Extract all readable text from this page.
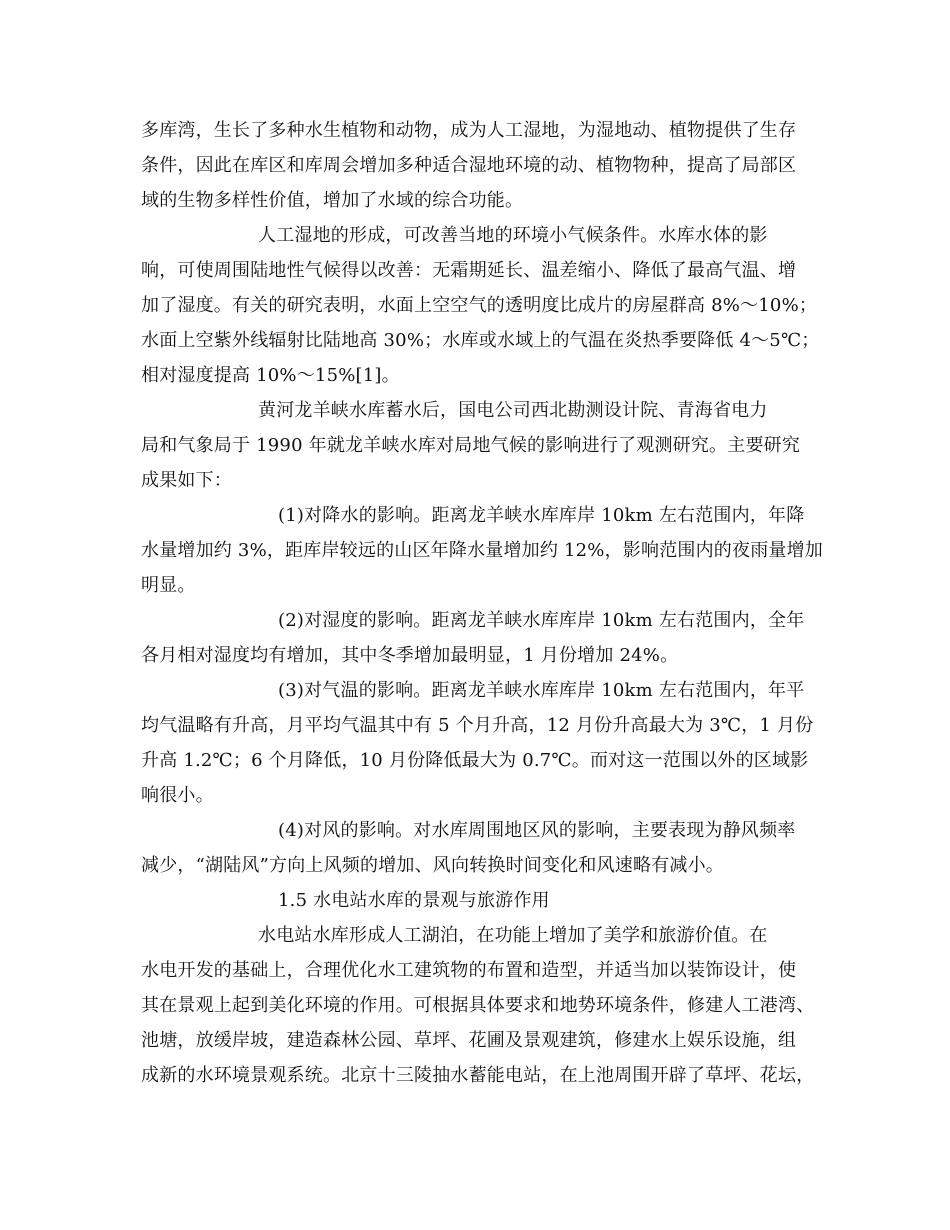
多库湾，生长了多种水生植物和动物，成为人工湿地，为湿地动、植物提供了生存
条件，因此在库区和库周会增加多种适合湿地环境的动、植物物种，提高了局部区
域的生物多样性价值，增加了水域的综合功能。
人工湿地的形成，可改善当地的环境小气候条件。水库水体的影
响，可使周围陆地性气候得以改善：无霜期延长、温差缩小、降低了最高气温、增
加了湿度。有关的研究表明，水面上空空气的透明度比成片的房屋群高 8%～10%；
水面上空紫外线辐射比陆地高 30%；水库或水域上的气温在炎热季要降低 4～5℃；
相对湿度提高 10%～15%[1]。
黄河龙羊峡水库蓄水后，国电公司西北勘测设计院、青海省电力
局和气象局于 1990 年就龙羊峡水库对局地气候的影响进行了观测研究。主要研究
成果如下：
(1)对降水的影响。距离龙羊峡水库库岸 10km 左右范围内，年降
水量增加约 3%，距库岸较远的山区年降水量增加约 12%，影响范围内的夜雨量增加
明显。
(2)对湿度的影响。距离龙羊峡水库库岸 10km 左右范围内，全年
各月相对湿度均有增加，其中冬季增加最明显，1 月份增加 24%。
(3)对气温的影响。距离龙羊峡水库库岸 10km 左右范围内，年平
均气温略有升高，月平均气温其中有 5 个月升高，12 月份升高最大为 3℃，1 月份
升高 1.2℃；6 个月降低，10 月份降低最大为 0.7℃。而对这一范围以外的区域影
响很小。
(4)对风的影响。对水库周围地区风的影响，主要表现为静风频率
减少，“湖陆风”方向上风频的增加、风向转换时间变化和风速略有减小。
1.5 水电站水库的景观与旅游作用
水电站水库形成人工湖泊，在功能上增加了美学和旅游价值。在
水电开发的基础上，合理优化水工建筑物的布置和造型，并适当加以装饰设计，使
其在景观上起到美化环境的作用。可根据具体要求和地势环境条件，修建人工港湾、
池塘，放缓岸坡，建造森林公园、草坪、花圃及景观建筑，修建水上娱乐设施，组
成新的水环境景观系统。北京十三陵抽水蓄能电站，在上池周围开辟了草坪、花坛，
